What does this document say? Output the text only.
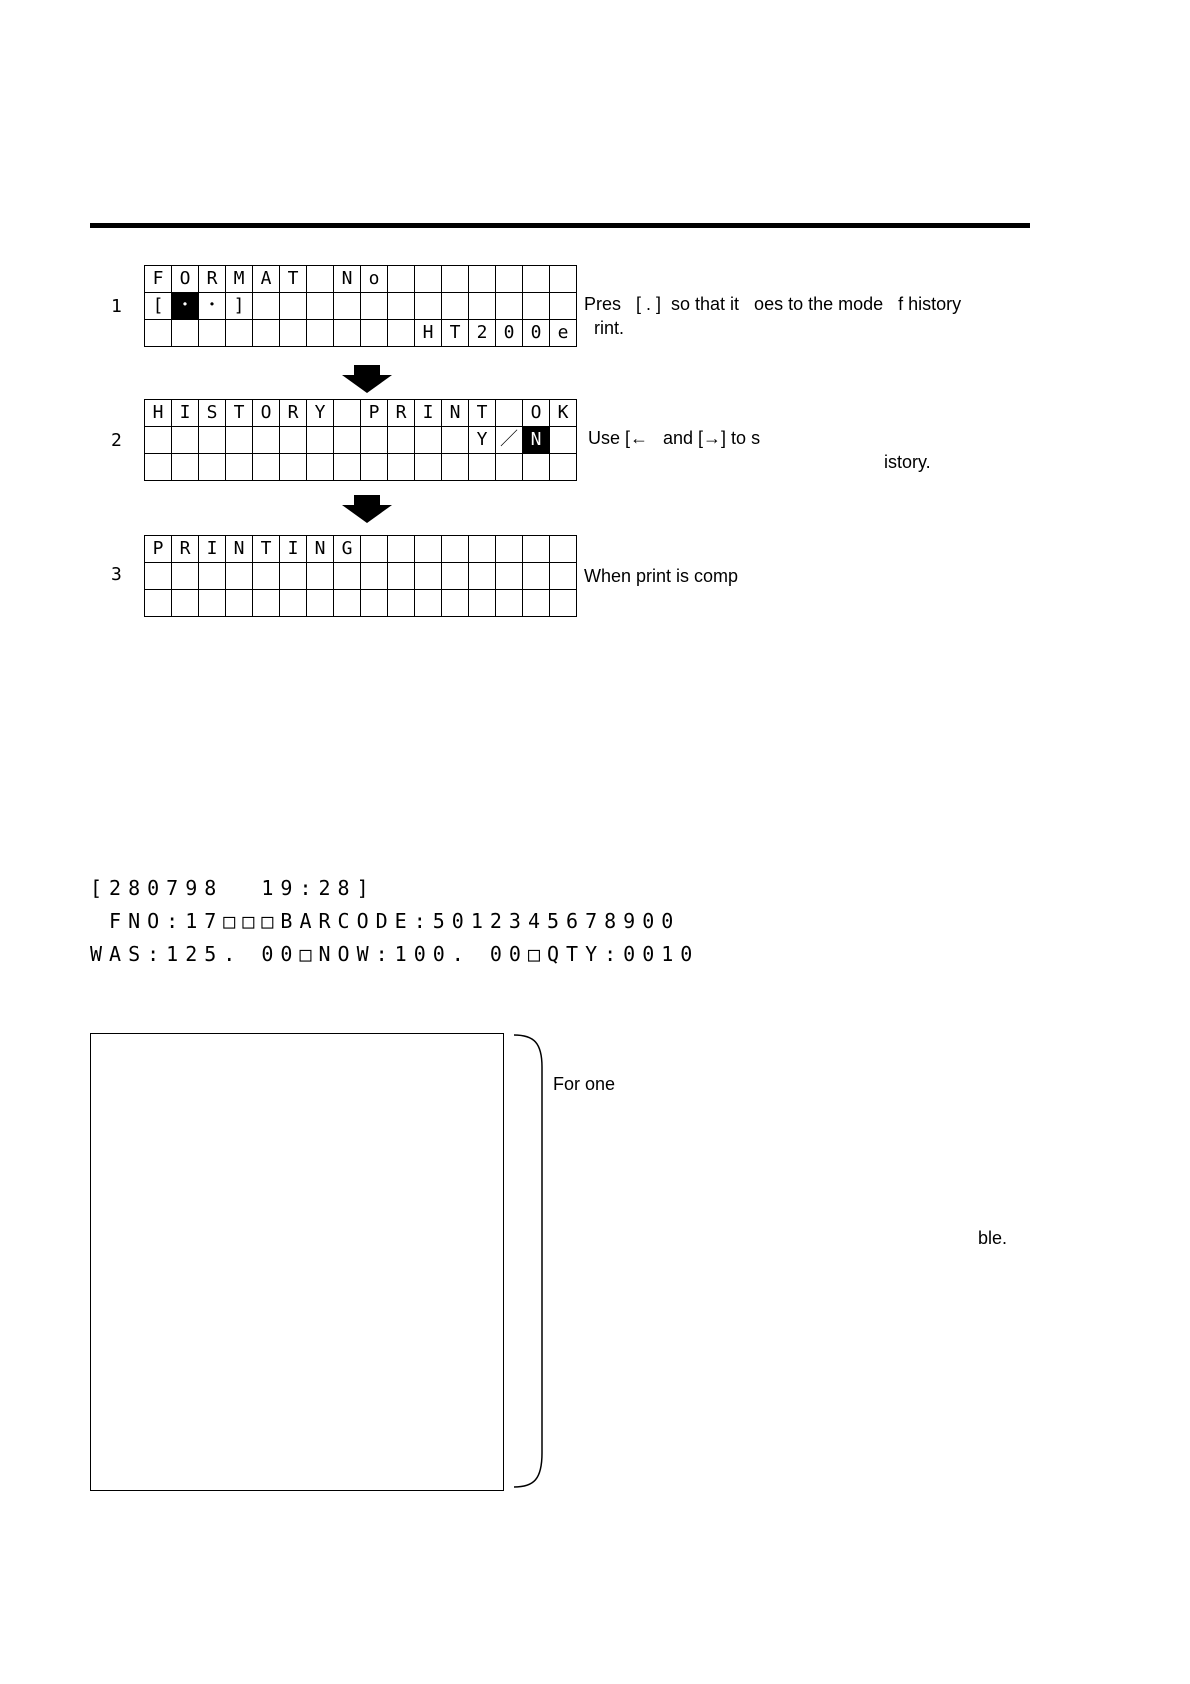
1
F	O	R	M	A	T		N	o							
[	・	・	]												
										H	T	2	0	0	e
Pres   [ . ]  so that it   oes to the mode   f history
rint.
2
H	I	S	T	O	R	Y		P	R	I	N	T		O	K
												Y	／	N	
																Use [←   and [→] to s
istory.
3
P	R	I	N	T	I	N	G								

When print is comp
[280798  19:28]
FNO:17□□□BARCODE:5012345678900
WAS:125. 00□NOW:100. 00□QTY:0010
For one
ble.
